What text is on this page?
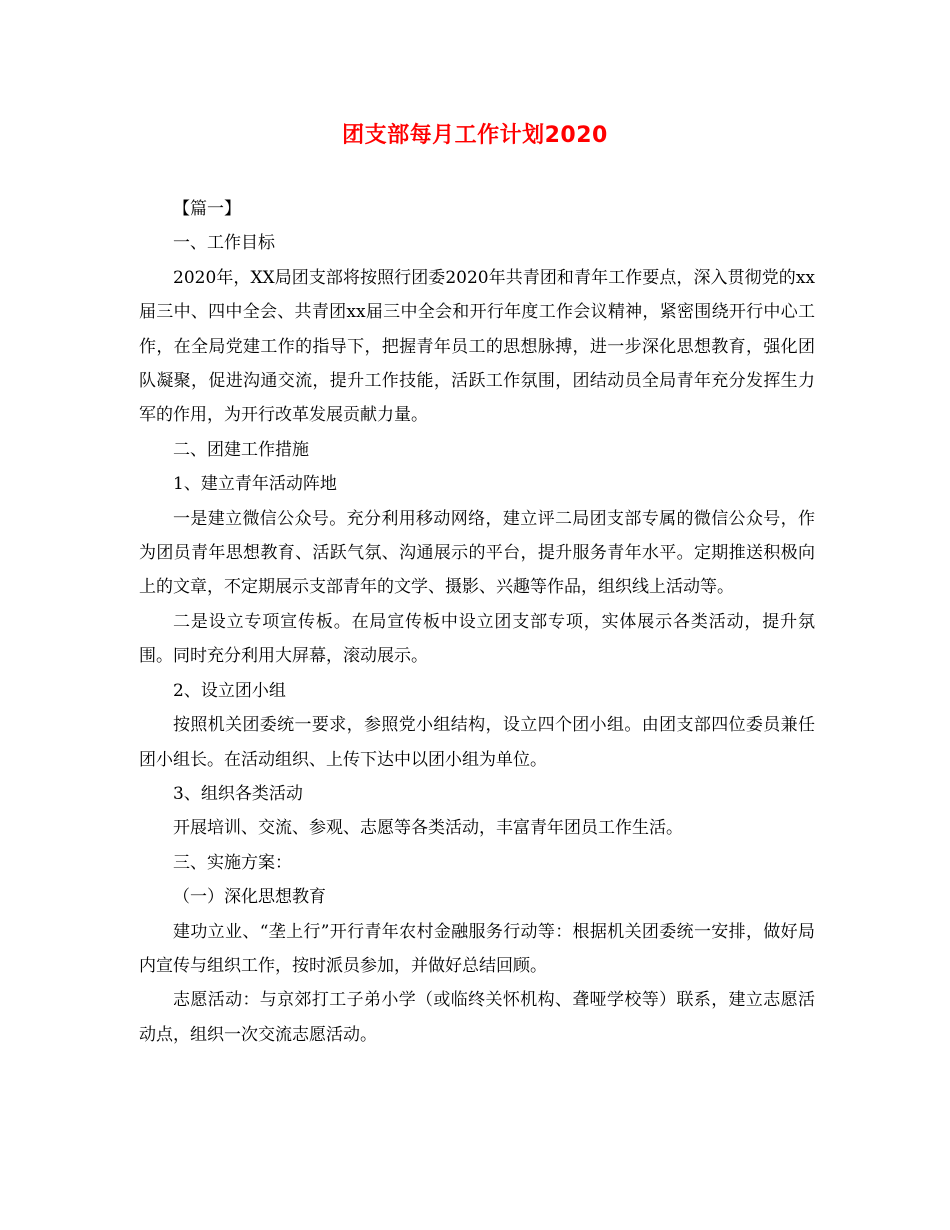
团支部每月工作计划2020

【篇一】

一、工作目标

2020年，XX局团支部将按照行团委2020年共青团和青年工作要点，深入贯彻党的xx届三中、四中全会、共青团xx届三中全会和开行年度工作会议精神，紧密围绕开行中心工作，在全局党建工作的指导下，把握青年员工的思想脉搏，进一步深化思想教育，强化团队凝聚，促进沟通交流，提升工作技能，活跃工作氛围，团结动员全局青年充分发挥生力军的作用，为开行改革发展贡献力量。

二、团建工作措施

1、建立青年活动阵地

一是建立微信公众号。充分利用移动网络，建立评二局团支部专属的微信公众号，作为团员青年思想教育、活跃气氛、沟通展示的平台，提升服务青年水平。定期推送积极向上的文章，不定期展示支部青年的文学、摄影、兴趣等作品，组织线上活动等。

二是设立专项宣传板。在局宣传板中设立团支部专项，实体展示各类活动，提升氛围。同时充分利用大屏幕，滚动展示。

2、设立团小组

按照机关团委统一要求，参照党小组结构，设立四个团小组。由团支部四位委员兼任团小组长。在活动组织、上传下达中以团小组为单位。

3、组织各类活动

开展培训、交流、参观、志愿等各类活动，丰富青年团员工作生活。

三、实施方案：

（一）深化思想教育

建功立业、“垄上行”开行青年农村金融服务行动等：根据机关团委统一安排，做好局内宣传与组织工作，按时派员参加，并做好总结回顾。

志愿活动：与京郊打工子弟小学（或临终关怀机构、聋哑学校等）联系，建立志愿活动点，组织一次交流志愿活动。
